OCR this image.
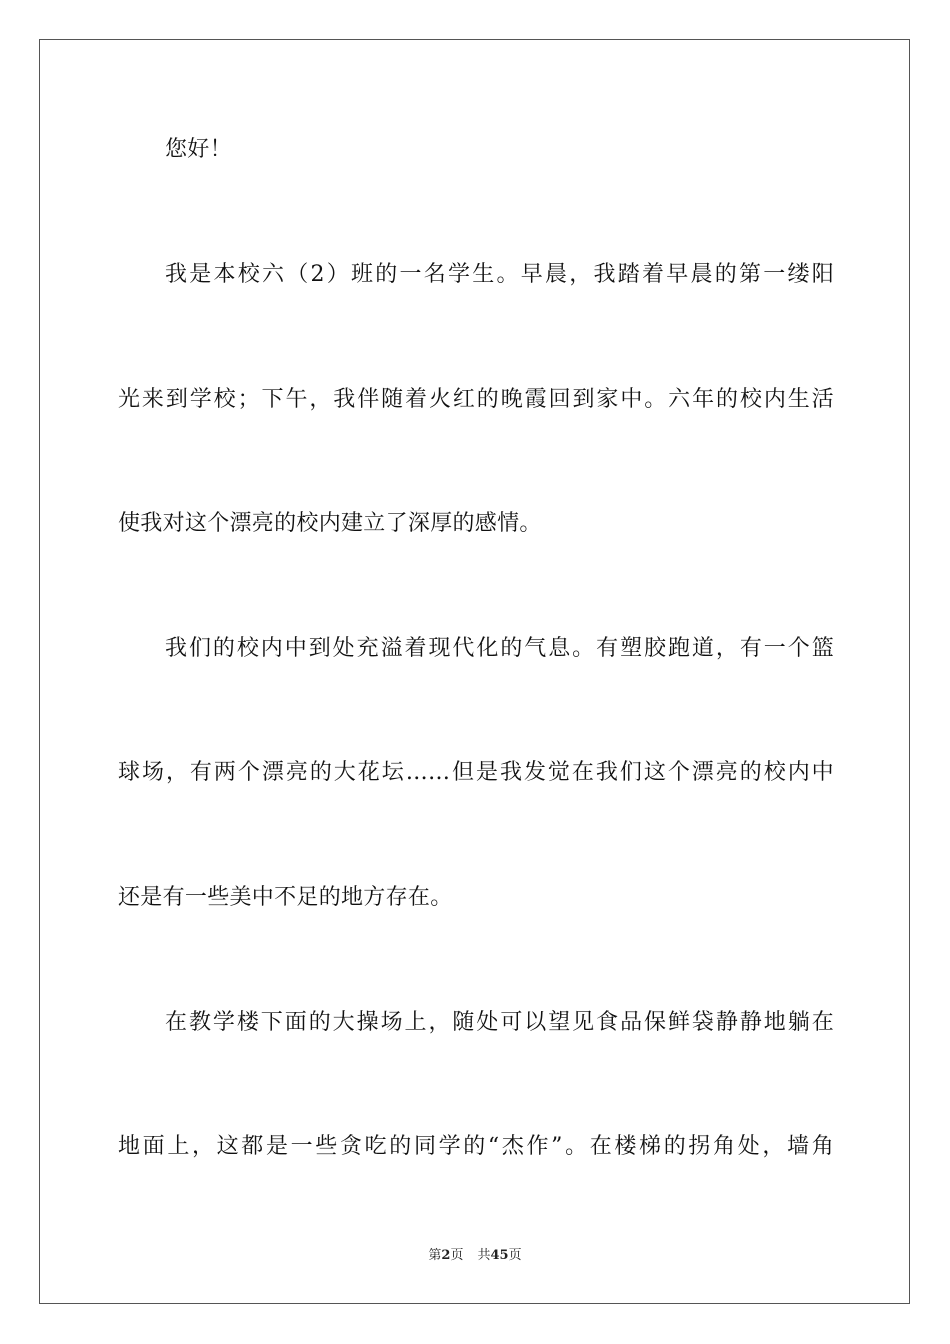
您好！
我是本校六（2）班的一名学生。早晨，我踏着早晨的第一缕阳
光来到学校；下午，我伴随着火红的晚霞回到家中。六年的校内生活
使我对这个漂亮的校内建立了深厚的感情。
我们的校内中到处充溢着现代化的气息。有塑胶跑道，有一个篮
球场，有两个漂亮的大花坛……但是我发觉在我们这个漂亮的校内中
还是有一些美中不足的地方存在。
在教学楼下面的大操场上，随处可以望见食品保鲜袋静静地躺在
地面上，这都是一些贪吃的同学的“杰作”。在楼梯的拐角处，墙角
第2页 共45页
